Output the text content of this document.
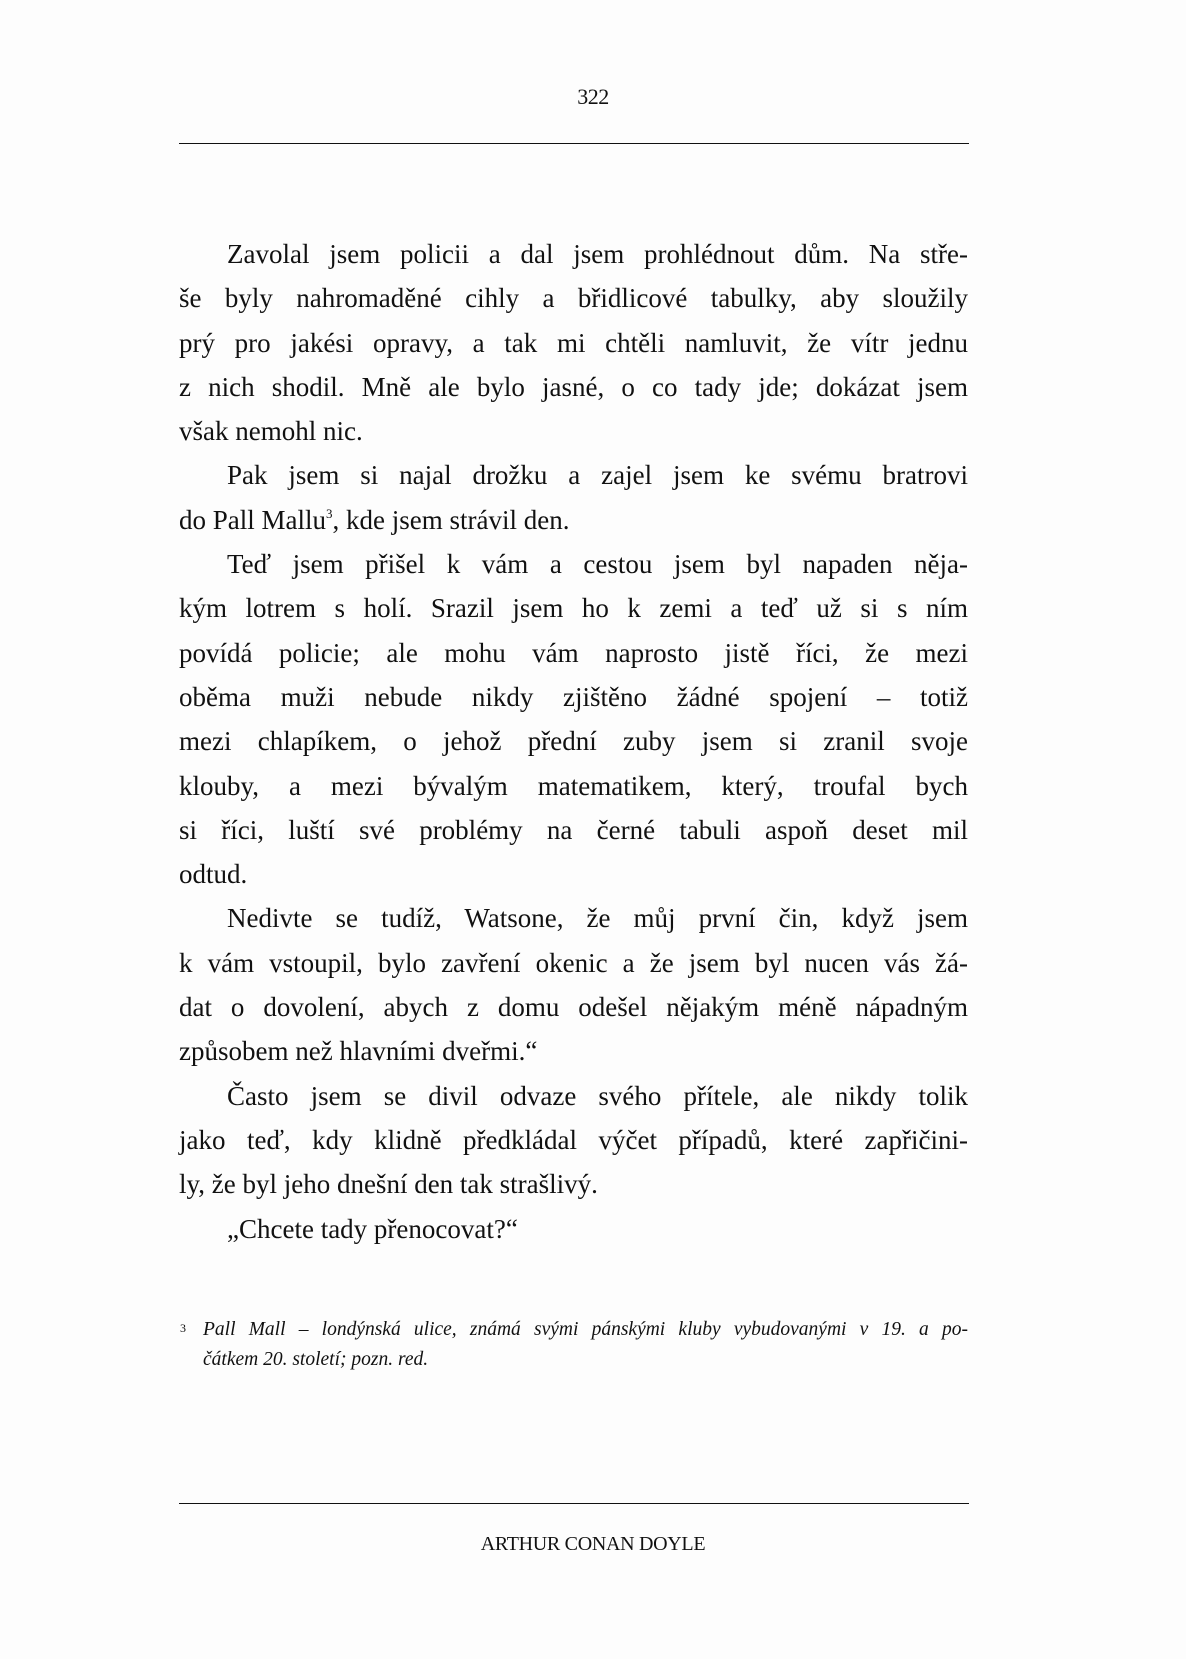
322
Zavolal jsem policii a dal jsem prohlédnout dům. Na stře-
še byly nahromaděné cihly a břidlicové tabulky, aby sloužily
prý pro jakési opravy, a tak mi chtěli namluvit, že vítr jednu
z nich shodil. Mně ale bylo jasné, o co tady jde; dokázat jsem
však nemohl nic.
Pak jsem si najal drožku a zajel jsem ke svému bratrovi
do Pall Mallu$^3$, kde jsem strávil den.
Teď jsem přišel k vám a cestou jsem byl napaden něja-
kým lotrem s holí. Srazil jsem ho k zemi a teď už si s ním
povídá policie; ale mohu vám naprosto jistě říci, že mezi
oběma muži nebude nikdy zjištěno žádné spojení – totiž
mezi chlapíkem, o jehož přední zuby jsem si zranil svoje
klouby, a mezi bývalým matematikem, který, troufal bych
si říci, luští své problémy na černé tabuli aspoň deset mil
odtud.
Nedivte se tudíž, Watsone, že můj první čin, když jsem
k vám vstoupil, bylo zavření okenic a že jsem byl nucen vás žá-
dat o dovolení, abych z domu odešel nějakým méně nápadným
způsobem než hlavními dveřmi.“
Často jsem se divil odvaze svého přítele, ale nikdy tolik
jako teď, kdy klidně předkládal výčet případů, které zapřičini-
ly, že byl jeho dnešní den tak strašlivý.
„Chcete tady přenocovat?“
3 Pall Mall – londýnská ulice, známá svými pánskými kluby vybudovanými v 19. a po-
čátkem 20. století; pozn. red.
ARTHUR CONAN DOYLE
